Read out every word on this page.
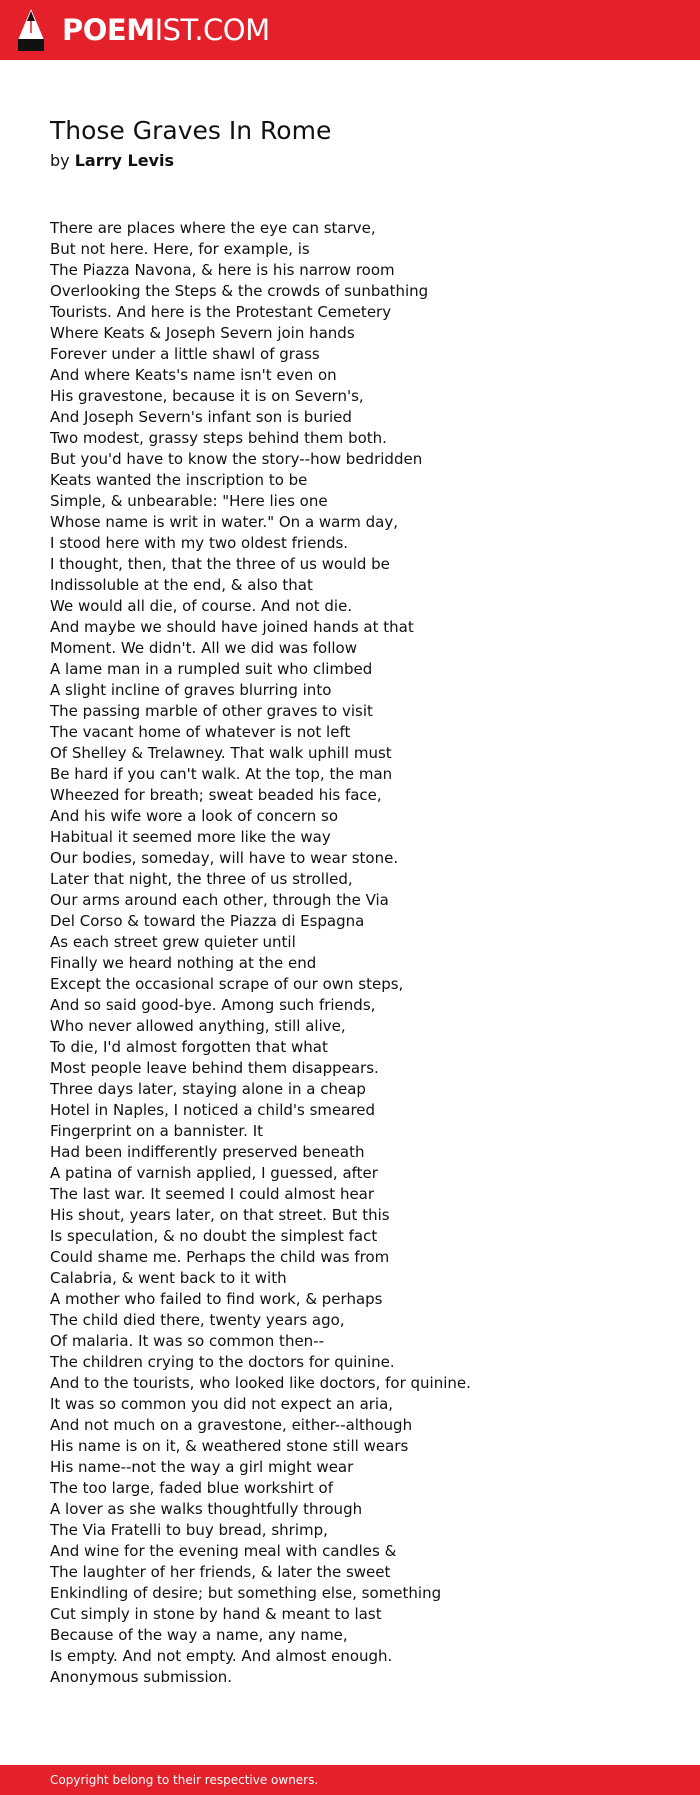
POEMIST.COM
Those Graves In Rome
by Larry Levis
There are places where the eye can starve,
But not here. Here, for example, is
The Piazza Navona, & here is his narrow room
Overlooking the Steps & the crowds of sunbathing
Tourists. And here is the Protestant Cemetery
Where Keats & Joseph Severn join hands
Forever under a little shawl of grass
And where Keats's name isn't even on
His gravestone, because it is on Severn's,
And Joseph Severn's infant son is buried
Two modest, grassy steps behind them both.
But you'd have to know the story--how bedridden
Keats wanted the inscription to be
Simple, & unbearable: "Here lies one
Whose name is writ in water." On a warm day,
I stood here with my two oldest friends.
I thought, then, that the three of us would be
Indissoluble at the end, & also that
We would all die, of course. And not die.
And maybe we should have joined hands at that
Moment. We didn't. All we did was follow
A lame man in a rumpled suit who climbed
A slight incline of graves blurring into
The passing marble of other graves to visit
The vacant home of whatever is not left
Of Shelley & Trelawney. That walk uphill must
Be hard if you can't walk. At the top, the man
Wheezed for breath; sweat beaded his face,
And his wife wore a look of concern so
Habitual it seemed more like the way
Our bodies, someday, will have to wear stone.
Later that night, the three of us strolled,
Our arms around each other, through the Via
Del Corso & toward the Piazza di Espagna
As each street grew quieter until
Finally we heard nothing at the end
Except the occasional scrape of our own steps,
And so said good-bye. Among such friends,
Who never allowed anything, still alive,
To die, I'd almost forgotten that what
Most people leave behind them disappears.
Three days later, staying alone in a cheap
Hotel in Naples, I noticed a child's smeared
Fingerprint on a bannister. It
Had been indifferently preserved beneath
A patina of varnish applied, I guessed, after
The last war. It seemed I could almost hear
His shout, years later, on that street. But this
Is speculation, & no doubt the simplest fact
Could shame me. Perhaps the child was from
Calabria, & went back to it with
A mother who failed to find work, & perhaps
The child died there, twenty years ago,
Of malaria. It was so common then--
The children crying to the doctors for quinine.
And to the tourists, who looked like doctors, for quinine.
It was so common you did not expect an aria,
And not much on a gravestone, either--although
His name is on it, & weathered stone still wears
His name--not the way a girl might wear
The too large, faded blue workshirt of
A lover as she walks thoughtfully through
The Via Fratelli to buy bread, shrimp,
And wine for the evening meal with candles &
The laughter of her friends, & later the sweet
Enkindling of desire; but something else, something
Cut simply in stone by hand & meant to last
Because of the way a name, any name,
Is empty. And not empty. And almost enough.
Anonymous submission.
Copyright belong to their respective owners.
